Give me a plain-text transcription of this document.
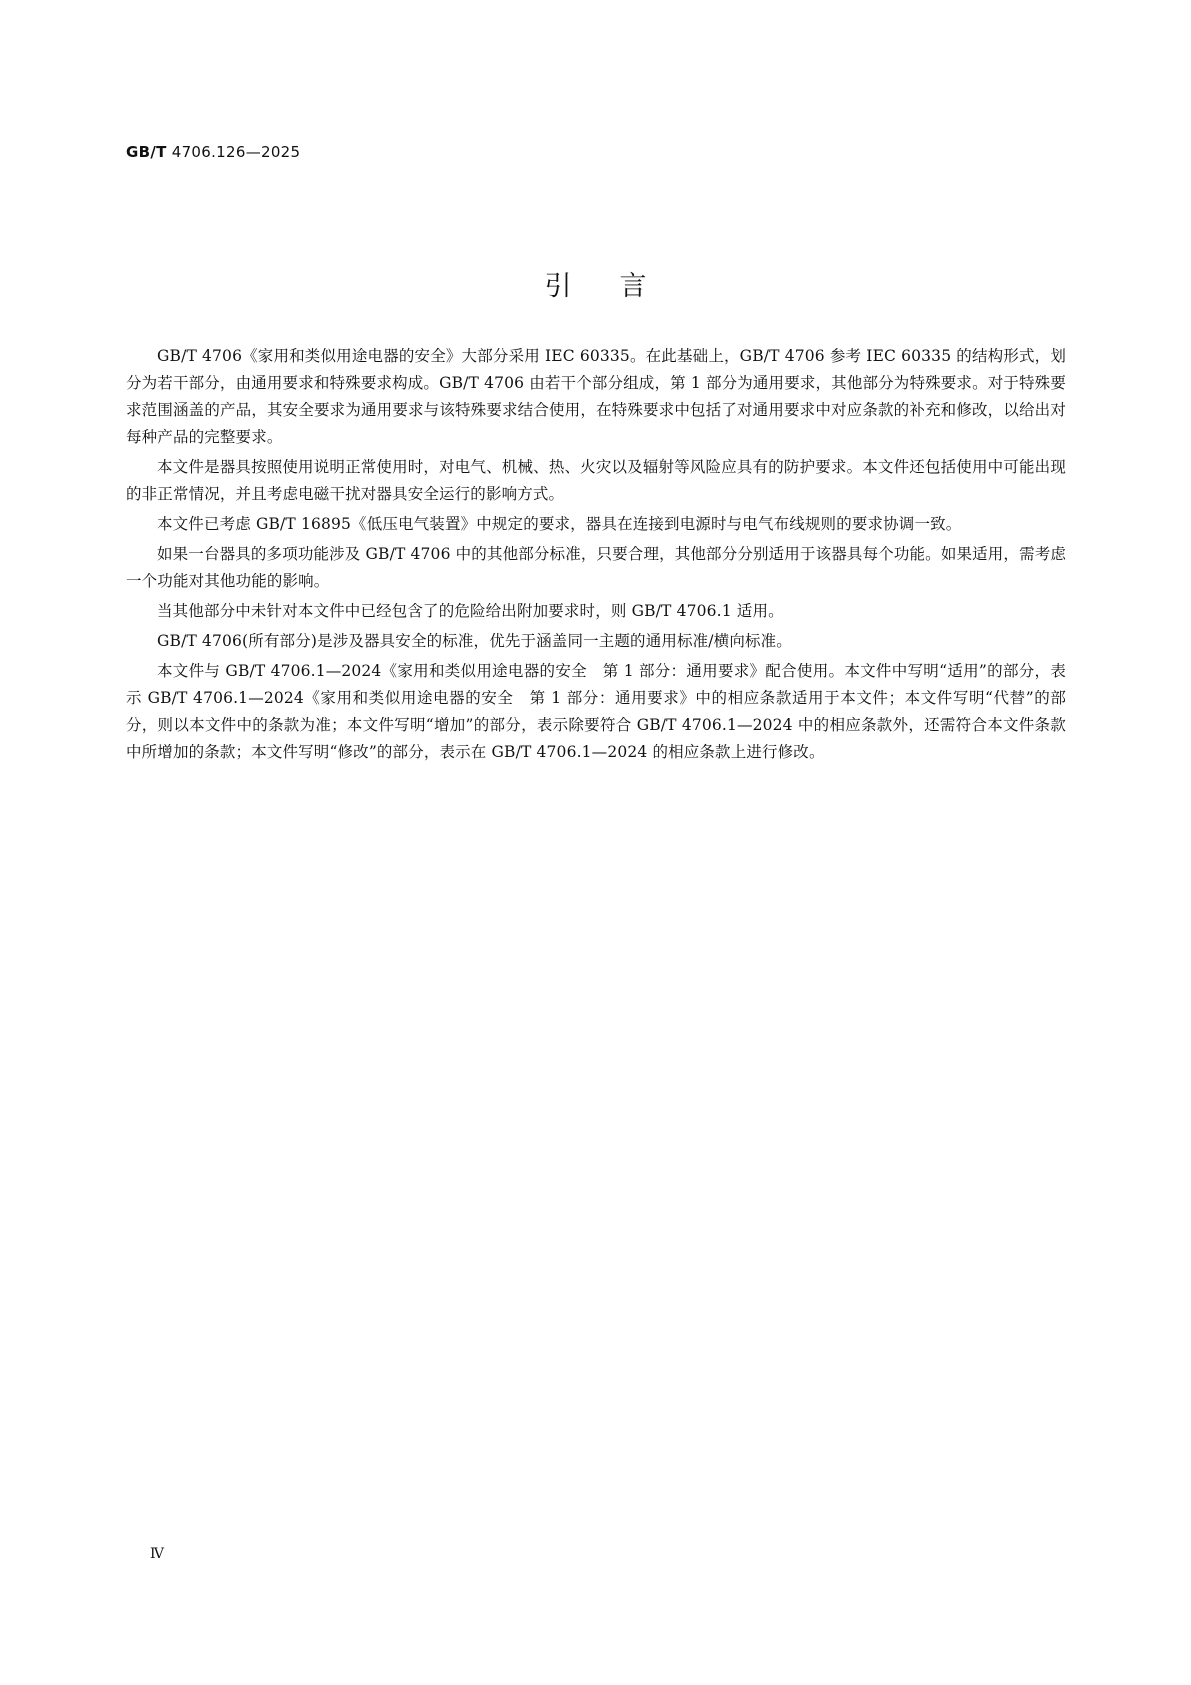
GB/T 4706.126—2025
引言

GB/T 4706《家用和类似用途电器的安全》大部分采用 IEC 60335。在此基础上，GB/T 4706 参考 IEC 60335 的结构形式，划分为若干部分，由通用要求和特殊要求构成。GB/T 4706 由若干个部分组成，第 1 部分为通用要求，其他部分为特殊要求。对于特殊要求范围涵盖的产品，其安全要求为通用要求与该特殊要求结合使用，在特殊要求中包括了对通用要求中对应条款的补充和修改，以给出对每种产品的完整要求。

本文件是器具按照使用说明正常使用时，对电气、机械、热、火灾以及辐射等风险应具有的防护要求。本文件还包括使用中可能出现的非正常情况，并且考虑电磁干扰对器具安全运行的影响方式。

本文件已考虑 GB/T 16895《低压电气装置》中规定的要求，器具在连接到电源时与电气布线规则的要求协调一致。

如果一台器具的多项功能涉及 GB/T 4706 中的其他部分标准，只要合理，其他部分分别适用于该器具每个功能。如果适用，需考虑一个功能对其他功能的影响。

当其他部分中未针对本文件中已经包含了的危险给出附加要求时，则 GB/T 4706.1 适用。

GB/T 4706(所有部分)是涉及器具安全的标准，优先于涵盖同一主题的通用标准/横向标准。

本文件与 GB/T 4706.1—2024《家用和类似用途电器的安全　第 1 部分：通用要求》配合使用。本文件中写明“适用”的部分，表示 GB/T 4706.1—2024《家用和类似用途电器的安全　第 1 部分：通用要求》中的相应条款适用于本文件；本文件写明“代替”的部分，则以本文件中的条款为准；本文件写明“增加”的部分，表示除要符合 GB/T 4706.1—2024 中的相应条款外，还需符合本文件条款中所增加的条款；本文件写明“修改”的部分，表示在 GB/T 4706.1—2024 的相应条款上进行修改。

Ⅳ
